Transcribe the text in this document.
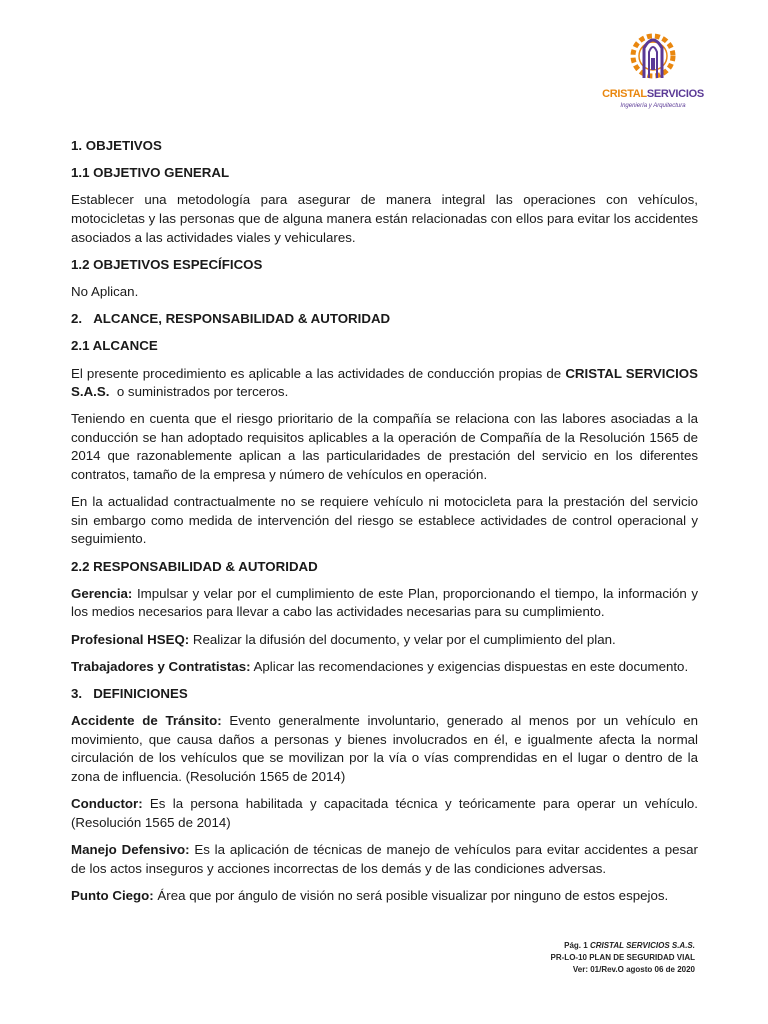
CRISTALSERVICIOS
Ingeniería y Arquitectura

1. OBJETIVOS

1.1 OBJETIVO GENERAL

Establecer una metodología para asegurar de manera integral las operaciones con vehículos, motocicletas y las personas que de alguna manera están relacionadas con ellos para evitar los accidentes asociados a las actividades viales y vehiculares.

1.2 OBJETIVOS ESPECÍFICOS

No Aplican.

2. ALCANCE, RESPONSABILIDAD & AUTORIDAD

2.1 ALCANCE

El presente procedimiento es aplicable a las actividades de conducción propias de CRISTAL SERVICIOS S.A.S.  o suministrados por terceros.

Teniendo en cuenta que el riesgo prioritario de la compañía se relaciona con las labores asociadas a la conducción se han adoptado requisitos aplicables a la operación de Compañía de la Resolución 1565 de 2014 que razonablemente aplican a las particularidades de prestación del servicio en los diferentes contratos, tamaño de la empresa y número de vehículos en operación.

En la actualidad contractualmente no se requiere vehículo ni motocicleta para la prestación del servicio sin embargo como medida de intervención del riesgo se establece actividades de control operacional y seguimiento.

2.2 RESPONSABILIDAD & AUTORIDAD

Gerencia: Impulsar y velar por el cumplimiento de este Plan, proporcionando el tiempo, la información y los medios necesarios para llevar a cabo las actividades necesarias para su cumplimiento.

Profesional HSEQ: Realizar la difusión del documento, y velar por el cumplimiento del plan.

Trabajadores y Contratistas: Aplicar las recomendaciones y exigencias dispuestas en este documento.

3. DEFINICIONES

Accidente de Tránsito: Evento generalmente involuntario, generado al menos por un vehículo en movimiento, que causa daños a personas y bienes involucrados en él, e igualmente afecta la normal circulación de los vehículos que se movilizan por la vía o vías comprendidas en el lugar o dentro de la zona de influencia. (Resolución 1565 de 2014)

Conductor: Es la persona habilitada y capacitada técnica y teóricamente para operar un vehículo. (Resolución 1565 de 2014)

Manejo Defensivo: Es la aplicación de técnicas de manejo de vehículos para evitar accidentes a pesar de los actos inseguros y acciones incorrectas de los demás y de las condiciones adversas.

Punto Ciego: Área que por ángulo de visión no será posible visualizar por ninguno de estos espejos.

Pág. 1 CRISTAL SERVICIOS S.A.S.
PR-LO-10 PLAN DE SEGURIDAD VIAL
Ver: 01/Rev.O agosto 06 de 2020
